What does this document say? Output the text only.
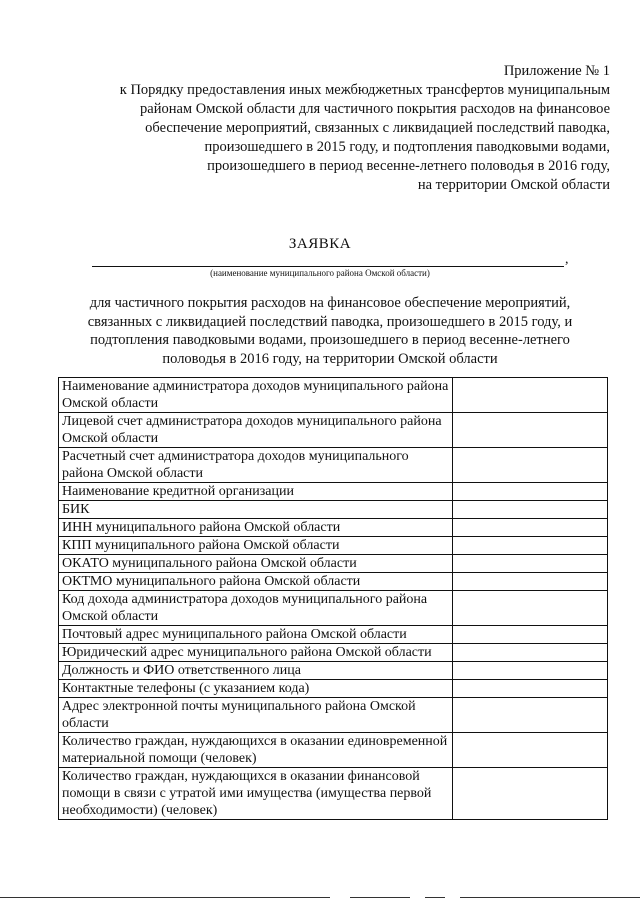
Приложение № 1
к Порядку предоставления иных межбюджетных трансфертов муниципальным
районам Омской области для частичного покрытия расходов на финансовое
обеспечение мероприятий, связанных с ликвидацией последствий паводка,
произошедшего в 2015 году, и подтопления паводковыми водами,
произошедшего в период весенне-летнего половодья в 2016 году,
на территории Омской области
ЗАЯВКА
,
(наименование муниципального района Омской области)
для частичного покрытия расходов на финансовое обеспечение мероприятий,
связанных с ликвидацией последствий паводка, произошедшего в 2015 году, и
подтопления паводковыми водами, произошедшего в период весенне-летнего
половодья в 2016 году, на территории Омской области
Наименование администратора доходов муниципального района Омской области	
Лицевой счет администратора доходов муниципального района Омской области	
Расчетный счет администратора доходов муниципального района Омской области	
Наименование кредитной организации	
БИК	
ИНН муниципального района Омской области	
КПП муниципального района Омской области	
ОКАТО муниципального района Омской области	
ОКТМО муниципального района Омской области	
Код дохода администратора доходов муниципального района Омской области	
Почтовый адрес муниципального района Омской области	
Юридический адрес муниципального района Омской области	
Должность и ФИО ответственного лица	
Контактные телефоны (с указанием кода)	
Адрес электронной почты муниципального района Омской области	
Количество граждан, нуждающихся в оказании единовременной материальной помощи (человек)	
Количество граждан, нуждающихся в оказании финансовой помощи в связи с утратой ими имущества (имущества первой необходимости) (человек)	
